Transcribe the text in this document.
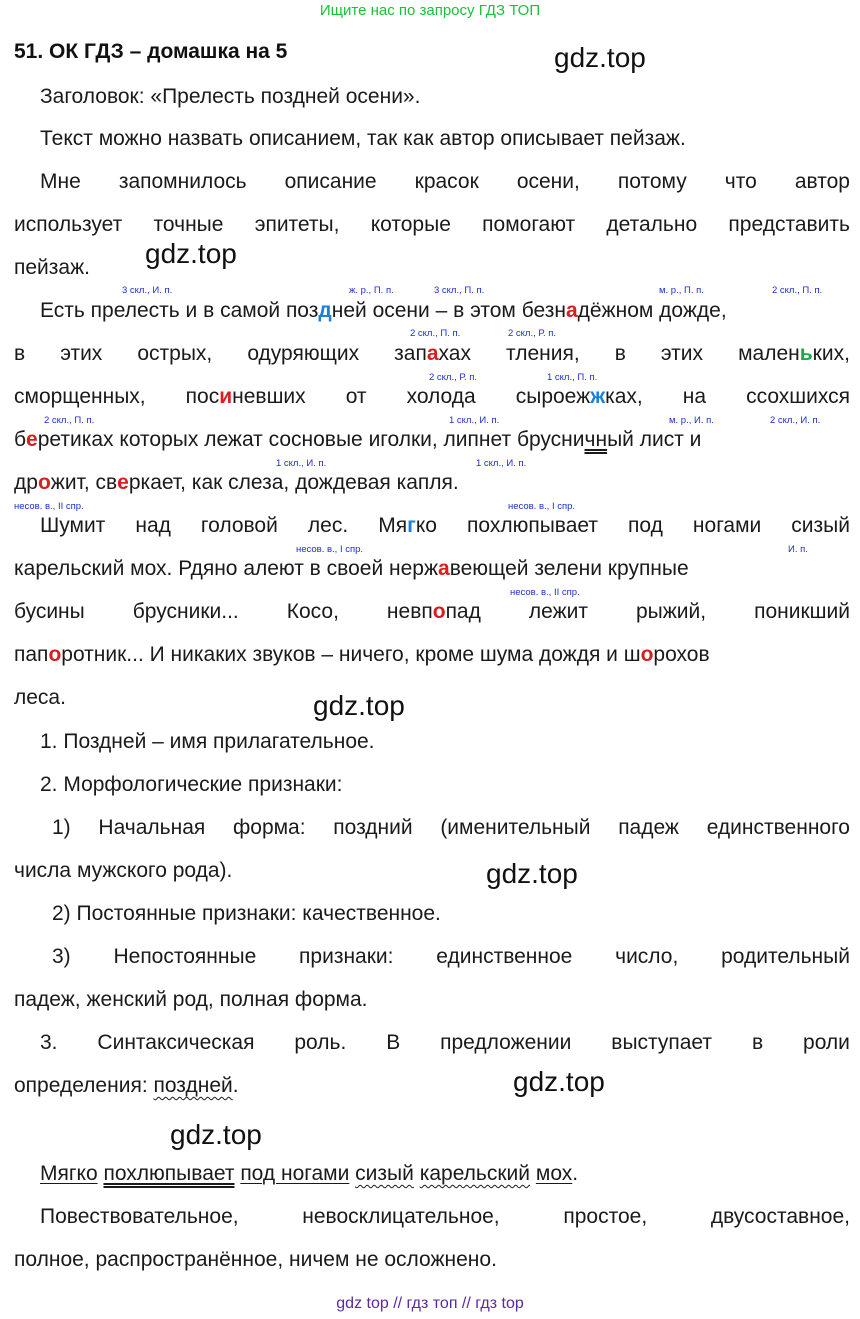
Ищите нас по запросу ГДЗ ТОП
51. ОК ГДЗ – домашка на 5	gdz.top
gdz.top
gdz.top
gdz.top
gdz.top
gdz.top
Заголовок: «Прелесть поздней осени».
Текст можно назвать описанием, так как автор описывает пейзаж.
Мне запомнилось описание красок осени, потому что автор
использует точные эпитеты, которые помогают детально представить
пейзаж.
3 скл., И. п.	ж. р., П. п.	3 скл., П. п.	м. р., П. п.	2 скл., П. п.
Есть прелесть и в самой поздней осени – в этом безнадёжном дожде,
2 скл., П. п.	2 скл., Р. п.
в этих острых, одуряющих запахах тления, в этих маленьких,
2 скл., Р. п.	1 скл., П. п.
сморщенных, посиневших от холода сыроежжках, на ссохшихся
2 скл., П. п.	1 скл., И. п.	м. р., И. п.	2 скл., И. п.
беретиках которых лежат сосновые иголки, липнет брусничный лист и
1 скл., И. п.	1 скл., И. п.
дрожит, сверкает, как слеза, дождевая капля.
несов. в., II спр.	несов. в., I спр.
Шумит над головой лес. Мягко похлюпывает под ногами сизый
несов. в., I спр.	И. п.
карельский мох. Рдяно алеют в своей нержавеющей зелени крупные
несов. в., II спр.
бусины брусники... Косо, невпопад лежит рыжий, поникший
папоротник... И никаких звуков – ничего, кроме шума дождя и шорохов
леса.
1. Поздней – имя прилагательное.
2. Морфологические признаки:
1) Начальная форма: поздний (именительный падеж единственного
числа мужского рода).
2) Постоянные признаки: качественное.
3) Непостоянные признаки: единственное число, родительный
падеж, женский род, полная форма.
3. Синтаксическая роль. В предложении выступает в роли
определения: поздней.
Мягко похлюпывает под ногами сизый карельский мох.
Повествовательное,	невосклицательное,	простое,	двусоставное,
полное, распространённое, ничем не осложнено.
gdz top // гдз топ // гдз top
